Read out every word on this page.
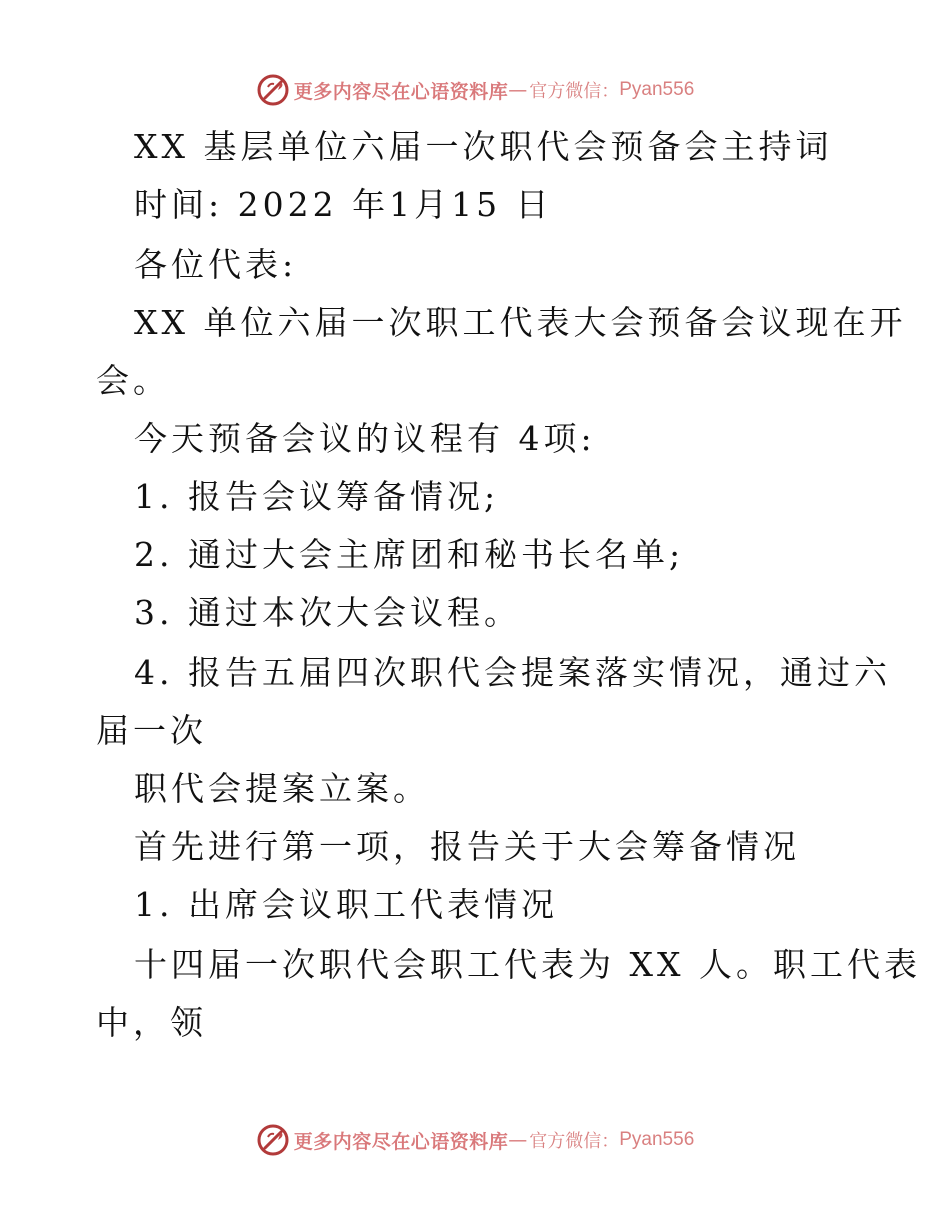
更多内容尽在心语资料库 — 官方微信： Pyan556
XX 基层单位六届一次职代会预备会主持词
时间: 2022 年1月15 日
各位代表:
XX 单位六届一次职工代表大会预备会议现在开
会。
今天预备会议的议程有 4项:
1. 报告会议筹备情况;
2. 通过大会主席团和秘书长名单;
3. 通过本次大会议程。
4. 报告五届四次职代会提案落实情况，通过六
届一次
职代会提案立案。
首先进行第一项，报告关于大会筹备情况
1. 出席会议职工代表情况
十四届一次职代会职工代表为 XX 人。职工代表
中，领
更多内容尽在心语资料库 — 官方微信： Pyan556
